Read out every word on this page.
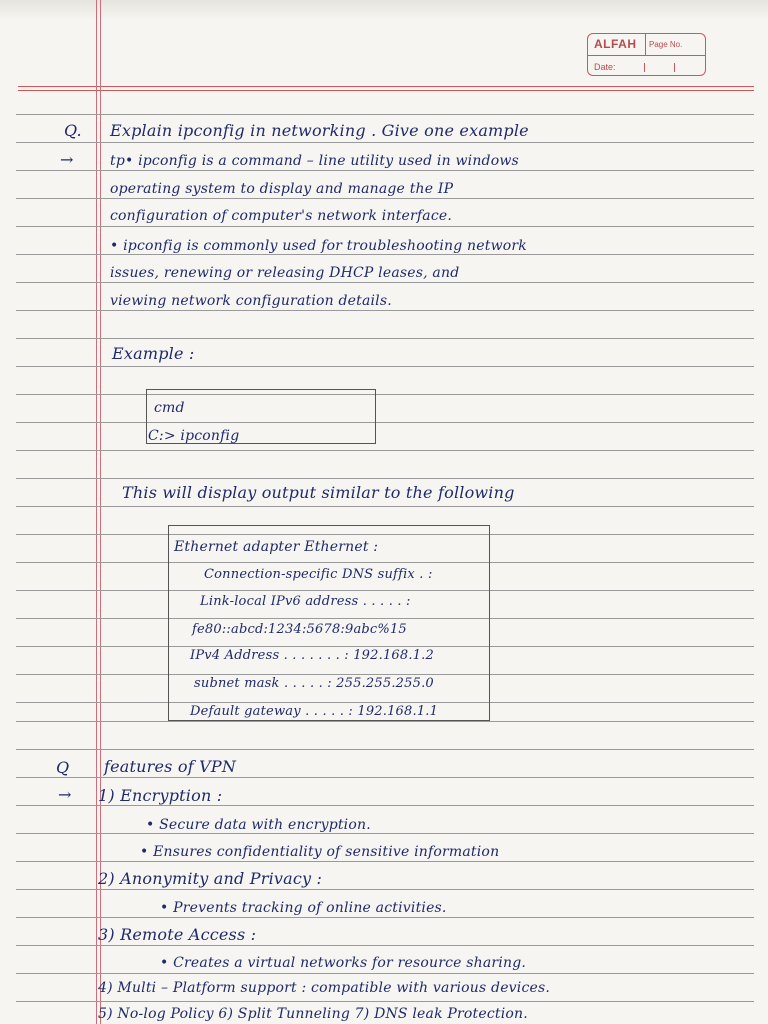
ALFAH Page No.
Date:
Q. Explain ipconfig in networking . Give one example
→	tp• ipconfig is a command – line utility used in windows
operating system to display and manage the IP
configuration of computer's network interface.
• ipconfig is commonly used for troubleshooting network
issues, renewing or releasing DHCP leases, and
viewing network configuration details.
Example :
cmd
C:> ipconfig
This will display output similar to the following
Ethernet adapter Ethernet :
Connection-specific DNS suffix . :
Link-local IPv6 address . . . . . :
fe80::abcd:1234:5678:9abc%15
IPv4 Address . . . . . . . : 192.168.1.2
subnet mask . . . . . : 255.255.255.0
Default gateway . . . . . : 192.168.1.1
Q features of VPN
→ 1) Encryption :
• Secure data with encryption.
• Ensures confidentiality of sensitive information
2) Anonymity and Privacy :
• Prevents tracking of online activities.
3) Remote Access :
• Creates a virtual networks for resource sharing.
4) Multi – Platform support : compatible with various devices.
5) No-log Policy 6) Split Tunneling 7) DNS leak Protection.
